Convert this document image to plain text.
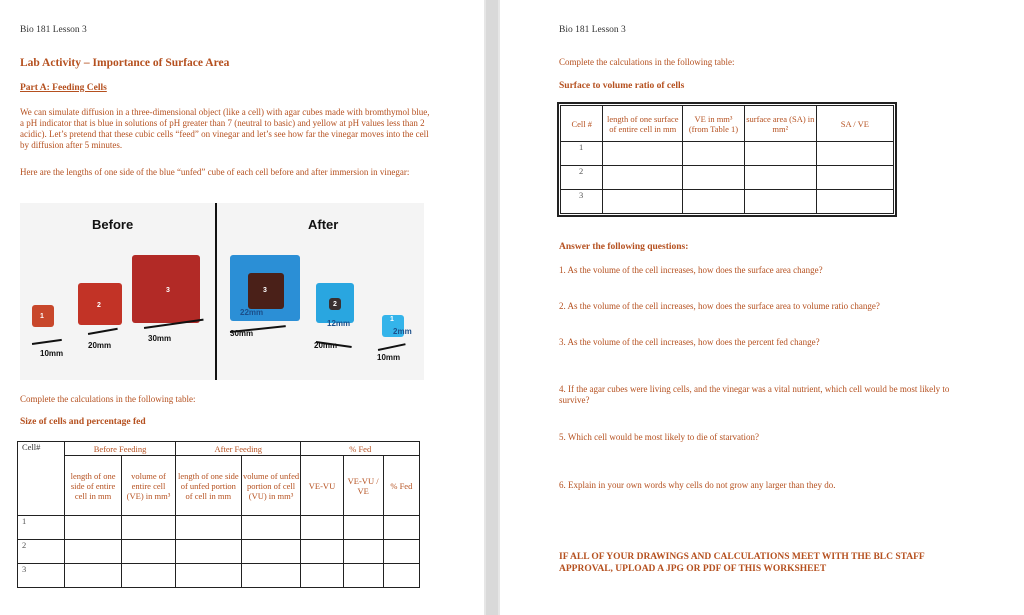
Bio 181 Lesson 3
Lab Activity – Importance of Surface Area
Part A: Feeding Cells
We can simulate diffusion in a three-dimensional object (like a cell) with agar cubes made with bromthymol blue, a pH indicator that is blue in solutions of pH greater than 7 (neutral to basic) and yellow at pH values less than 2 acidic). Let’s pretend that these cubic cells “feed” on vinegar and let’s see how far the vinegar moves into the cell by diffusion after 5 minutes.
Here are the lengths of one side of the blue “unfed” cube of each cell before and after immersion in vinegar:
Before	After
1
2
3	3
2
1
22mm
12mm
2mm
10mm
20mm
30mm
30mm
20mm
10mm
Complete the calculations in the following table:
Size of cells and percentage fed
Cell#	Before Feeding		After Feeding		% Fed		
	length of one side of entire cell in mm	volume of entire cell (VE) in mm³	length of one side of unfed portion of cell in mm	volume of unfed portion of cell (VU) in mm³	VE-VU	VE-VU / VE	% Fed
1							
2							
3							
Bio 181 Lesson 3
Complete the calculations in the following table:
Surface to volume ratio of cells
Cell #	length of one surface of entire cell in mm	VE in mm³ (from Table 1)	surface area (SA) in mm²	SA / VE
1				
2				
3				
Answer the following questions:
1. As the volume of the cell increases, how does the surface area change?
2. As the volume of the cell increases, how does the surface area to volume ratio change?
3. As the volume of the cell increases, how does the percent fed change?
4. If the agar cubes were living cells, and the vinegar was a vital nutrient, which cell would be most likely to survive?
5. Which cell would be most likely to die of starvation?
6. Explain in your own words why cells do not grow any larger than they do.
IF ALL OF YOUR DRAWINGS AND CALCULATIONS MEET WITH THE BLC STAFF APPROVAL, UPLOAD A JPG OR PDF OF THIS WORKSHEET
